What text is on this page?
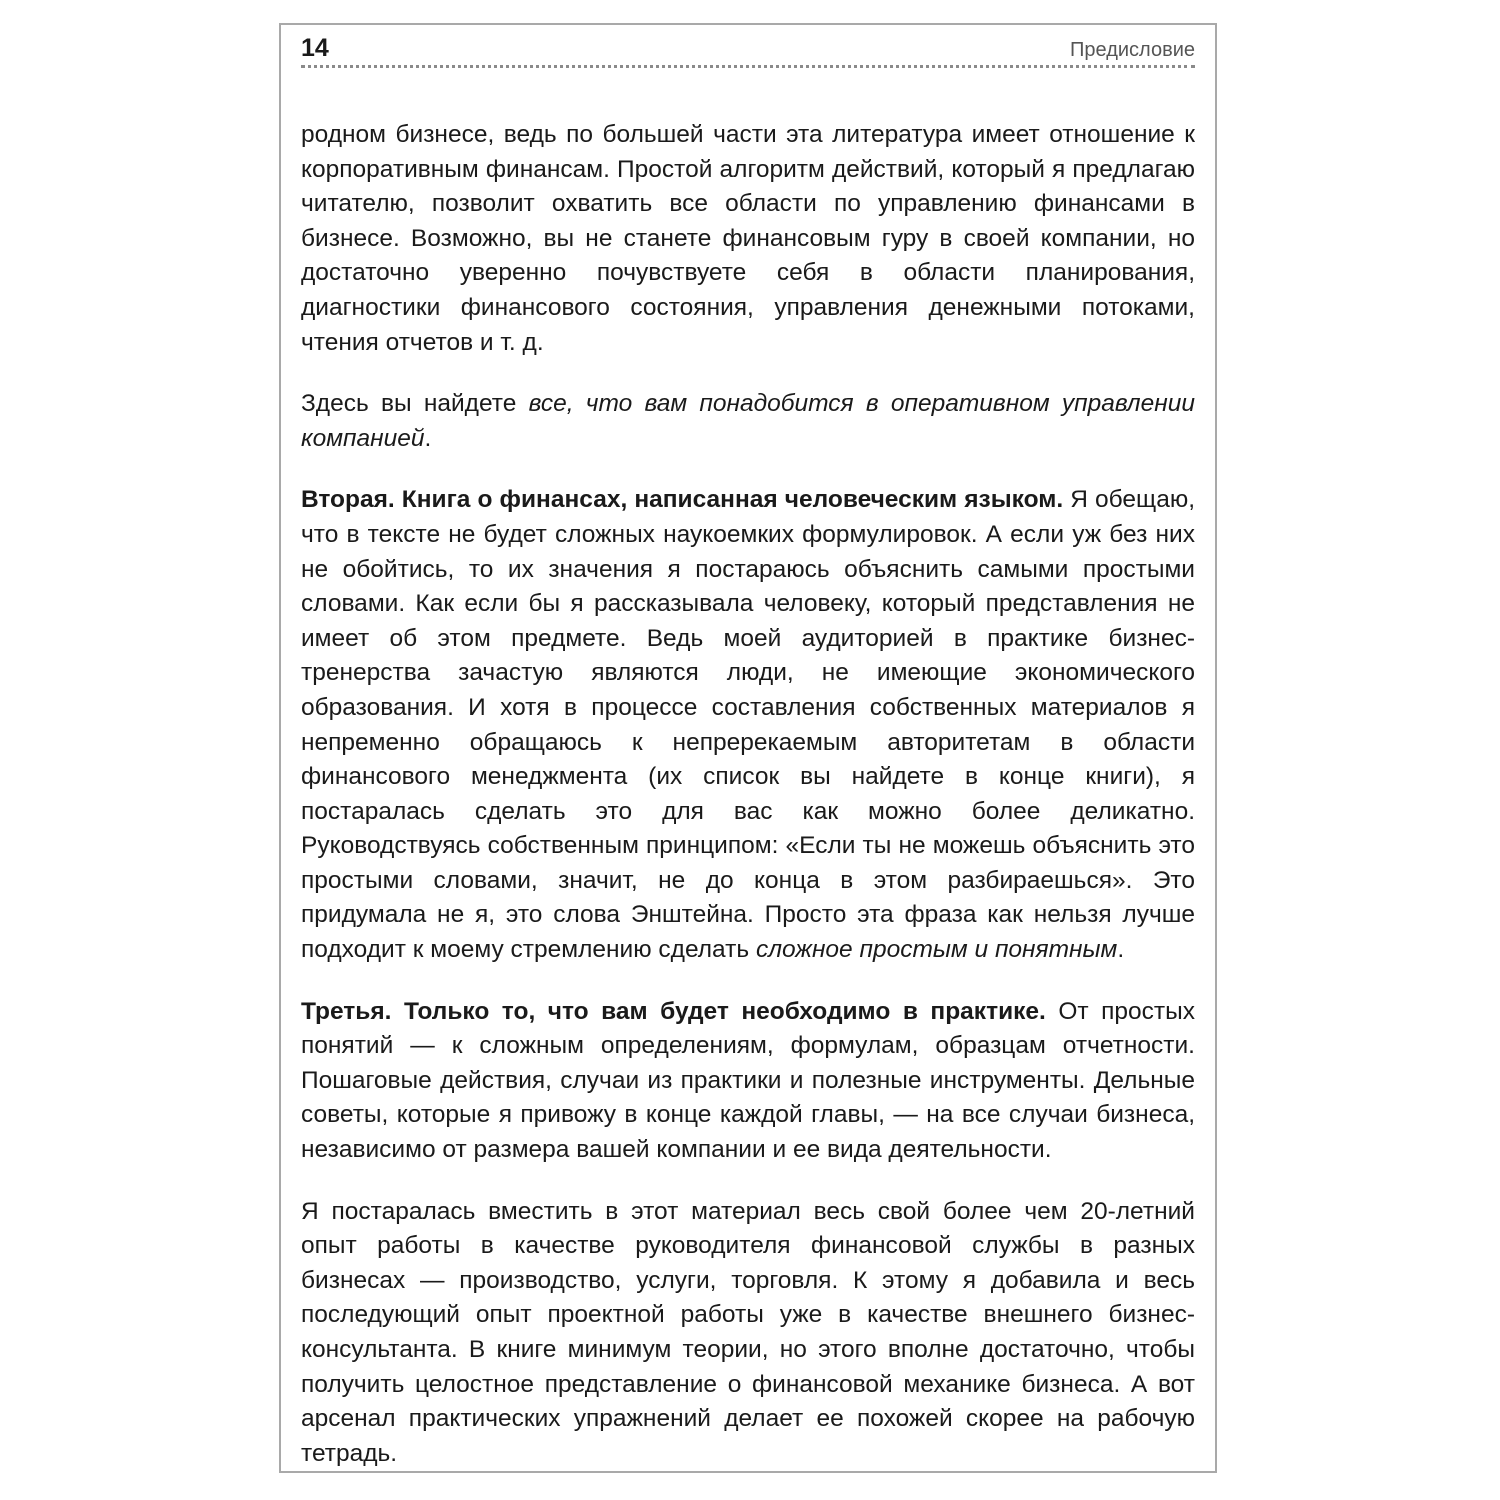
14	Предисловие

родном бизнесе, ведь по большей части эта литература имеет отношение к корпоративным финансам. Простой алгоритм действий, который я предлагаю читателю, позволит охватить все области по управлению финансами в бизнесе. Возможно, вы не станете финансовым гуру в своей компании, но достаточно уверенно почувствуете себя в области планирования, диагностики финансового состояния, управления денежными потоками, чтения отчетов и т. д.

Здесь вы найдете все, что вам понадобится в оперативном управлении компанией.

Вторая. Книга о финансах, написанная человеческим языком. Я обещаю, что в тексте не будет сложных наукоемких формулировок. А если уж без них не обойтись, то их значения я постараюсь объяснить самыми простыми словами. Как если бы я рассказывала человеку, который представления не имеет об этом предмете. Ведь моей аудиторией в практике бизнес-тренерства зачастую являются люди, не имеющие экономического образования. И хотя в процессе составления собственных материалов я непременно обращаюсь к непререкаемым авторитетам в области финансового менеджмента (их список вы найдете в конце книги), я постаралась сделать это для вас как можно более деликатно. Руководствуясь собственным принципом: «Если ты не можешь объяснить это простыми словами, значит, не до конца в этом разбираешься». Это придумала не я, это слова Энштейна. Просто эта фраза как нельзя лучше подходит к моему стремлению сделать сложное простым и понятным.

Третья. Только то, что вам будет необходимо в практике. От простых понятий — к сложным определениям, формулам, образцам отчетности. Пошаговые действия, случаи из практики и полезные инструменты. Дельные советы, которые я привожу в конце каждой главы, — на все случаи бизнеса, независимо от размера вашей компании и ее вида деятельности.

Я постаралась вместить в этот материал весь свой более чем 20-летний опыт работы в качестве руководителя финансовой службы в разных бизнесах — производство, услуги, торговля. К этому я добавила и весь последующий опыт проектной работы уже в качестве внешнего бизнес-консультанта. В книге минимум теории, но этого вполне достаточно, чтобы получить целостное представление о финансовой механике бизнеса. А вот арсенал практических упражнений делает ее похожей скорее на рабочую тетрадь.
